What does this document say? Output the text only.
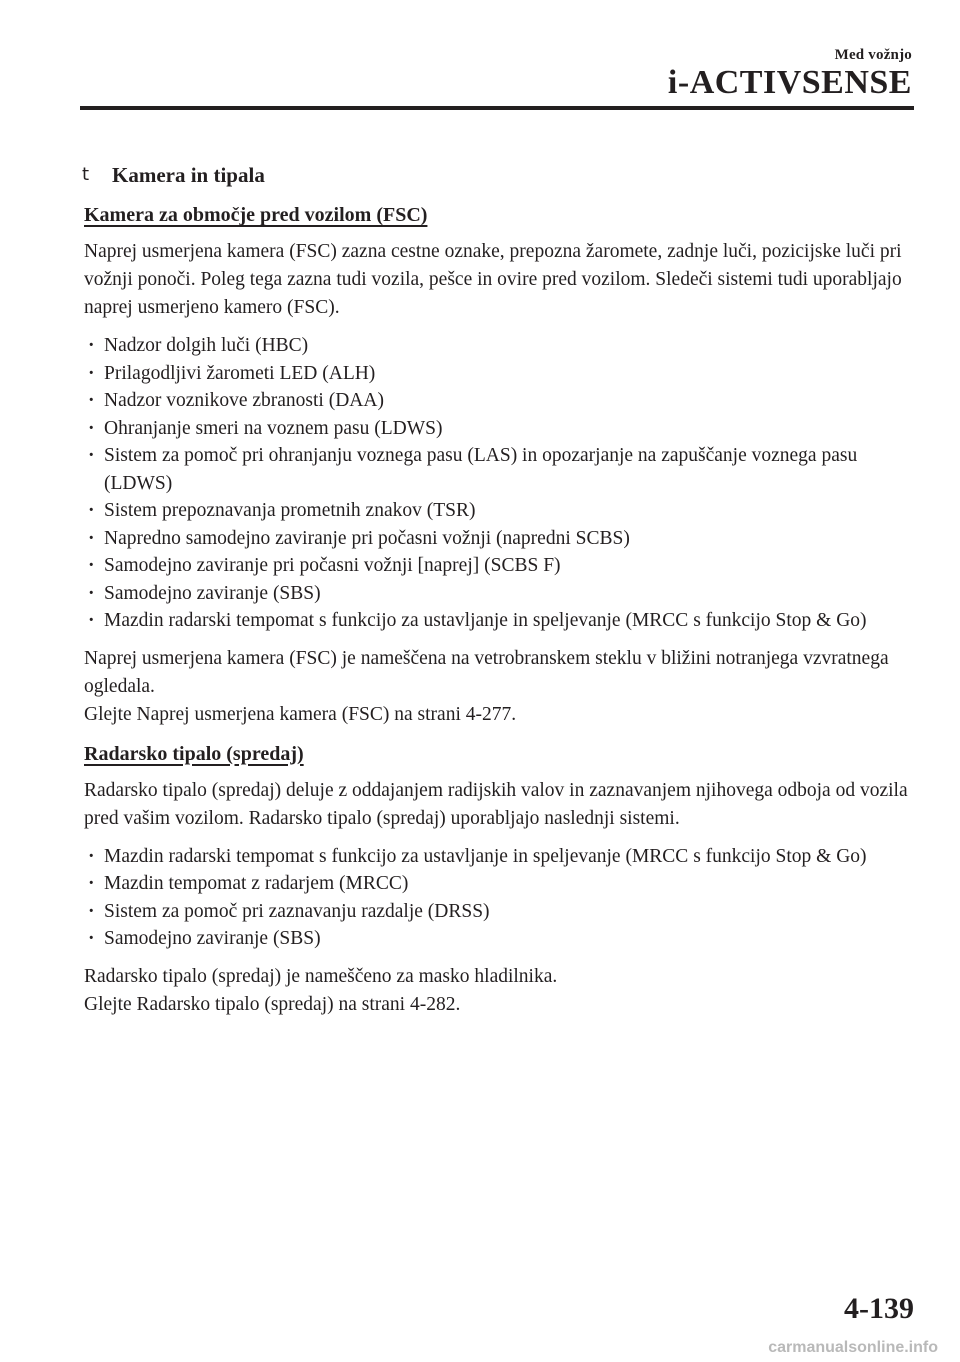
Med vožnjo
i-ACTIVSENSE
t Kamera in tipala
Kamera za območje pred vozilom (FSC)

Naprej usmerjena kamera (FSC) zazna cestne oznake, prepozna žaromete, zadnje luči, pozicijske luči pri vožnji ponoči. Poleg tega zazna tudi vozila, pešce in ovire pred vozilom. Sledeči sistemi tudi uporabljajo naprej usmerjeno kamero (FSC).

· Nadzor dolgih luči (HBC)
· Prilagodljivi žarometi LED (ALH)
· Nadzor voznikove zbranosti (DAA)
· Ohranjanje smeri na voznem pasu (LDWS)
· Sistem za pomoč pri ohranjanju voznega pasu (LAS) in opozarjanje na zapuščanje voznega pasu (LDWS)
· Sistem prepoznavanja prometnih znakov (TSR)
· Napredno samodejno zaviranje pri počasni vožnji (napredni SCBS)
· Samodejno zaviranje pri počasni vožnji [naprej] (SCBS F)
· Samodejno zaviranje (SBS)
· Mazdin radarski tempomat s funkcijo za ustavljanje in speljevanje (MRCC s funkcijo Stop & Go)

Naprej usmerjena kamera (FSC) je nameščena na vetrobranskem steklu v bližini notranjega vzvratnega ogledala.

Glejte Naprej usmerjena kamera (FSC) na strani 4-277.

Radarsko tipalo (spredaj)

Radarsko tipalo (spredaj) deluje z oddajanjem radijskih valov in zaznavanjem njihovega odboja od vozila pred vašim vozilom. Radarsko tipalo (spredaj) uporabljajo naslednji sistemi.

· Mazdin radarski tempomat s funkcijo za ustavljanje in speljevanje (MRCC s funkcijo Stop & Go)
· Mazdin tempomat z radarjem (MRCC)
· Sistem za pomoč pri zaznavanju razdalje (DRSS)
· Samodejno zaviranje (SBS)

Radarsko tipalo (spredaj) je nameščeno za masko hladilnika.

Glejte Radarsko tipalo (spredaj) na strani 4-282.

4-139
carmanualsonline.info
